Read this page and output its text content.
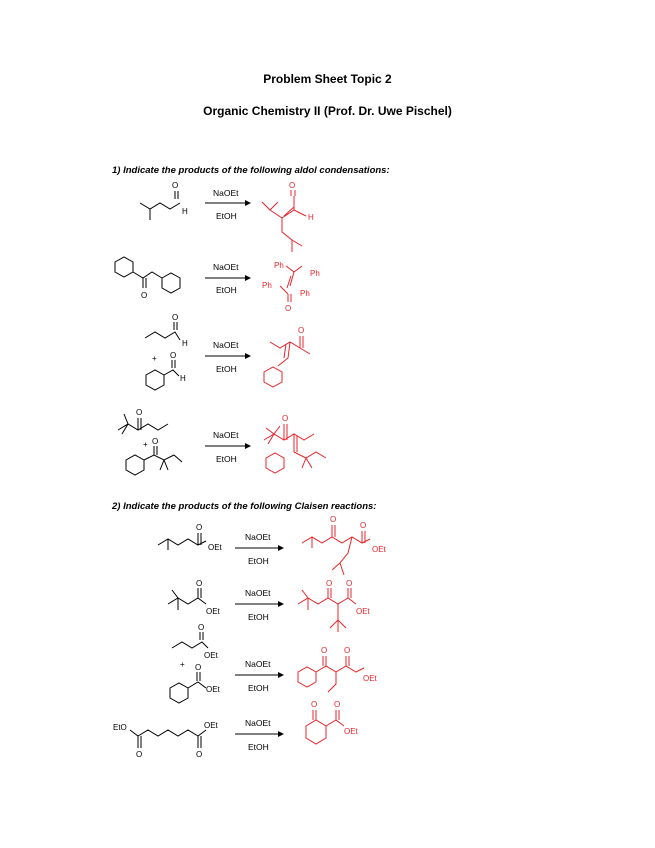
Problem Sheet Topic 2
Organic Chemistry II (Prof. Dr. Uwe Pischel)
1) Indicate the products of the following aldol condensations:
2) Indicate the products of the following Claisen reactions:
O
H
NaOEt
EtOH
O
H
O
NaOEt
EtOH
Ph
Ph
Ph
Ph
O
O
H
+ O
H
NaOEt
EtOH
O
O
+ O
NaOEt
EtOH
O
O
OEt
NaOEt
EtOH
O
O
OEt
O
OEt
NaOEt
EtOH
O O
OEt
O
OEt
+ O
OEt
NaOEt
EtOH
O O
OEt
EtO
O	O
OEt	NaOEt
EtOH
O O
OEt
